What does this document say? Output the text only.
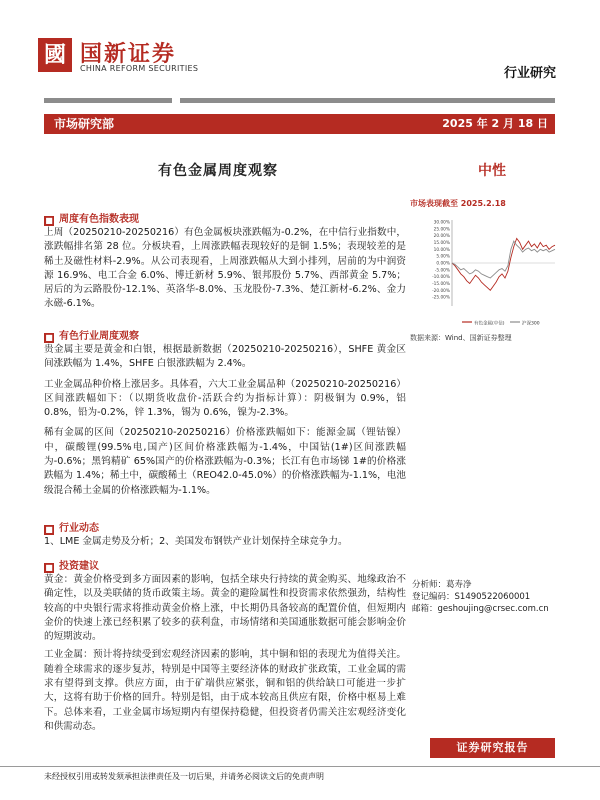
國 国新证券
CHINA REFORM SECURITIES	行业研究
市场研究部	2025 年 2 月 18 日
有色金属周度观察	中性
■ 周度有色指数表现

上周（20250210-20250216）有色金属板块涨跌幅为-0.2%，在中信行业指数中，涨跌幅排名第 28 位。分板块看，上周涨跌幅表现较好的是铜 1.5%；表现较差的是稀土及磁性材料-2.9%。从公司表现看，上周涨跌幅从大到小排列，居前的为中润资源 16.9%、电工合金 6.0%、博迁新材 5.9%、银邦股份 5.7%、西部黄金 5.7%；居后的为云路股份-12.1%、英洛华-8.0%、玉龙股份-7.3%、楚江新材-6.2%、金力永磁-6.1%。

■ 有色行业周度观察

贵金属主要是黄金和白银，根据最新数据（20250210-20250216），SHFE 黄金区间涨跌幅为 1.4%，SHFE 白银涨跌幅为 2.4%。

工业金属品种价格上涨居多。具体看，六大工业金属品种（20250210-20250216）区间涨跌幅如下：（以期货收盘价-活跃合约为指标计算）：阴极铜为 0.9%，铝 0.8%，铅为-0.2%，锌 1.3%，锡为 0.6%，镍为-2.3%。

稀有金属的区间（20250210-20250216）价格涨跌幅如下：能源金属（锂钴镍）中，碳酸锂(99.5%电,国产)区间价格涨跌幅为-1.4%，中国钴(1#)区间涨跌幅为-0.6%；黑钨精矿 65%国产的价格涨跌幅为-0.3%；长江有色市场锑 1#的价格涨跌幅为 1.4%；稀土中，碳酸稀土（REO42.0-45.0%）的价格涨跌幅为-1.1%，电池级混合稀土金属的价格涨跌幅为-1.1%。

■ 行业动态

1、LME 金属走势及分析；2、美国发布钢铁产业计划保持全球竞争力。

■ 投资建议

黄金：黄金价格受到多方面因素的影响，包括全球央行持续的黄金购买、地缘政治不确定性，以及美联储的货币政策主场。黄金的避险属性和投资需求依然强劲，结构性较高的中央银行需求将推动黄金价格上涨，中长期仍具备较高的配置价值，但短期内金价的快速上涨已经积累了较多的获利盘，市场情绪和美国通胀数据可能会影响金价的短期波动。

工业金属：预计将持续受到宏观经济因素的影响，其中铜和铝的表现尤为值得关注。随着全球需求的逐步复苏，特别是中国等主要经济体的财政扩张政策，工业金属的需求有望得到支撑。供应方面，由于矿端供应紧张，铜和铝的供给缺口可能进一步扩大，这将有助于价格的回升。特别是铝，由于成本较高且供应有限，价格中枢易上难下。总体来看，工业金属市场短期内有望保持稳健，但投资者仍需关注宏观经济变化和供需动态。

市场表现截至 2025.2.18
30.00%
25.00%
20.00%
15.00%
10.00%
5.00%
0.00%
-5.00%
-10.00%
-15.00%
-20.00%
-25.00%
有色金属(中信)	沪深300
数据来源：Wind、国新证券整理
分析师：葛寿净
登记编码：S1490522060001
邮箱：geshoujing@crsec.com.cn
证券研究报告
未经授权引用或转发须承担法律责任及一切后果，并请务必阅读文后的免责声明
